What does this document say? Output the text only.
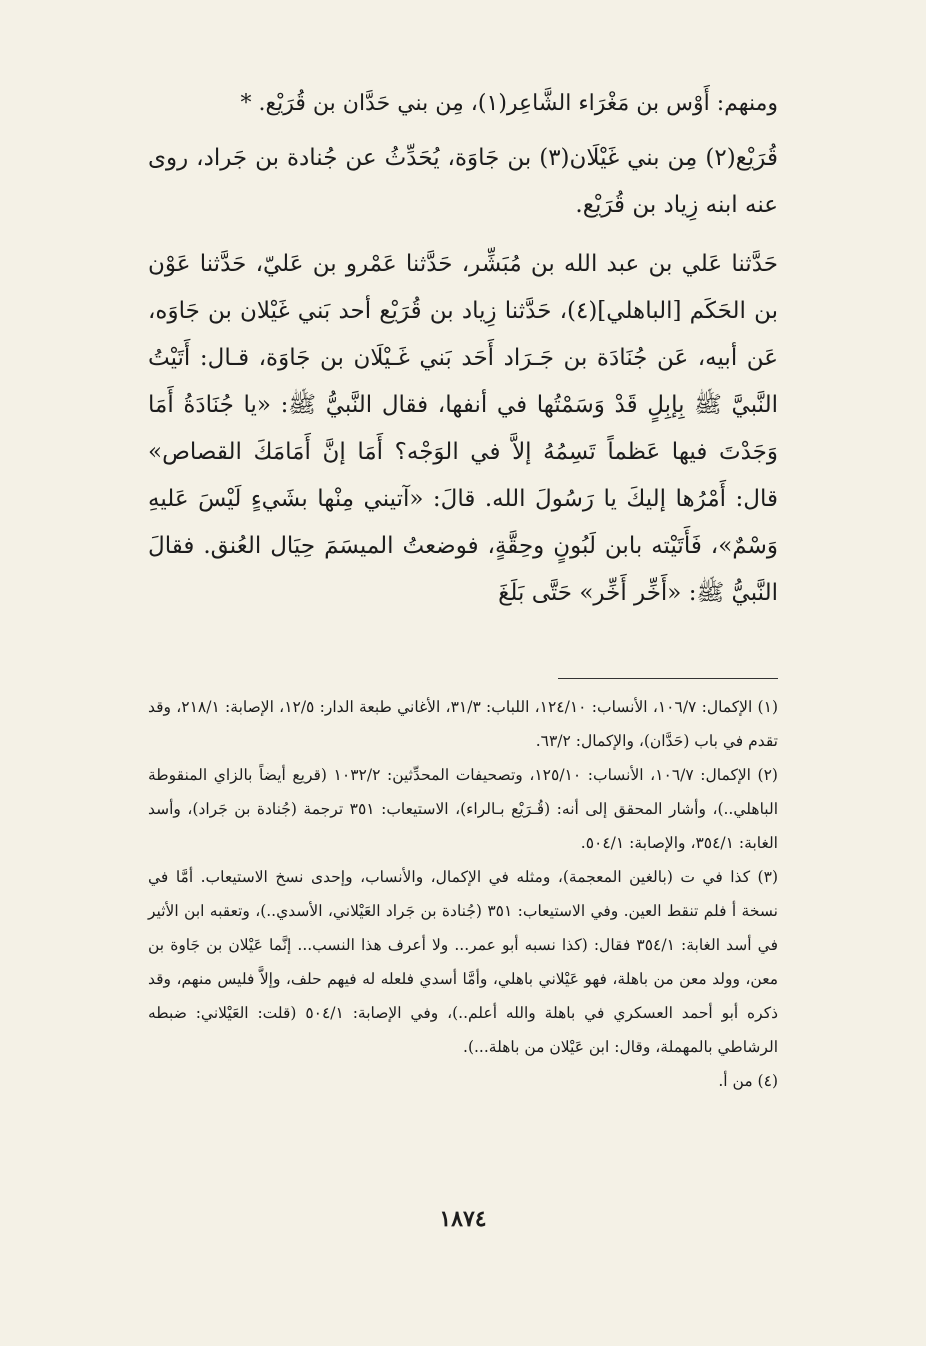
ومنهم: أَوْس بن مَغْرَاء الشَّاعِر(١)، مِن بني حَدَّان بن قُرَيْع. *

قُرَيْع(٢) مِن بني غَيْلَان(٣) بن جَاوَة، يُحَدِّثُ عن جُنادة بن جَراد، روى عنه ابنه زِياد بن قُرَيْع.

حَدَّثنا عَلي بن عبد الله بن مُبَشِّر، حَدَّثنا عَمْرو بن عَليّ، حَدَّثنا عَوْن بن الحَكَم [الباهلي](٤)، حَدَّثنا زِياد بن قُرَيْع أحد بَني غَيْلان بن جَاوَه، عَن أبيه، عَن جُنَادَة بن جَـرَاد أَحَد بَني غَـيْلَان بن جَاوَة، قـال: أَتَيْتُ النَّبيَّ ﷺ بِإبِلٍ قَدْ وَسَمْتُها في أنفها، فقال النَّبيُّ ﷺ: «يا جُنَادَةُ أَمَا وَجَدْتَ فيها عَظماً تَسِمُهُ إلاَّ في الوَجْه؟ أَمَا إنَّ أَمَامَكَ القصاص» قال: أَمْرُها إليكَ يا رَسُولَ الله. قالَ: «آتيني مِنْها بشَيءٍ لَيْسَ عَليهِ وَسْمٌ»، فَأَتَيْته بابن لَبُونٍ وحِقَّةٍ، فوضعتُ الميسَمَ حِيَال العُنق. فقالَ النَّبيُّ ﷺ: «أَخِّر أَخِّر» حَتَّى بَلَغَ

(١) الإكمال: ١٠٦/٧، الأنساب: ١٢٤/١٠، اللباب: ٣١/٣، الأغاني طبعة الدار: ١٢/٥، الإصابة: ٢١٨/١، وقد تقدم في باب (حَدَّان)، والإكمال: ٦٣/٢.

(٢) الإكمال: ١٠٦/٧، الأنساب: ١٢٥/١٠، وتصحيفات المحدِّثين: ١٠٣٢/٢ (قريع أيضاً بالزاي المنقوطة الباهلي..)، وأشار المحقق إلى أنه: (قُـرَيْع بـالراء)، الاستيعاب: ٣٥١ ترجمة (جُنادة بن جَراد)، وأسد الغابة: ٣٥٤/١، والإصابة: ٥٠٤/١.

(٣) كذا في ت (بالغين المعجمة)، ومثله في الإكمال، والأنساب، وإحدى نسخ الاستيعاب. أمَّا في نسخة أ فلم تنقط العين. وفي الاستيعاب: ٣٥١ (جُنادة بن جَراد العَيْلاني، الأسدي..)، وتعقبه ابن الأثير في أسد الغابة: ٣٥٤/١ فقال: (كذا نسبه أبو عمر... ولا أعرف هذا النسب... إنَّما عَيْلان بن جَاوة بن معن، وولد معن من باهلة، فهو عَيْلاني باهلي، وأمَّا أسدي فلعله له فيهم حلف، وإلاَّ فليس منهم، وقد ذكره أبو أحمد العسكري في باهلة والله أعلم..)، وفي الإصابة: ٥٠٤/١ (قلت: العَيْلاني: ضبطه الرشاطي بالمهملة، وقال: ابن عَيْلان من باهلة...).

(٤) من أ.

١٨٧٤
